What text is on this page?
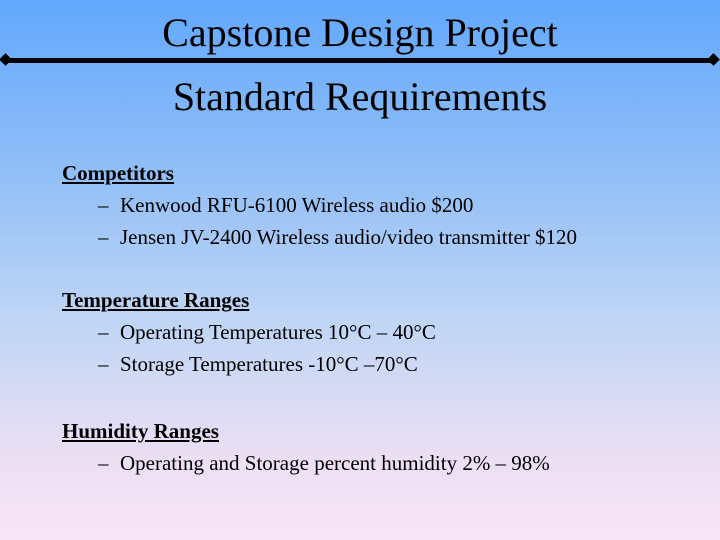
Capstone Design Project
Standard Requirements
Competitors
– Kenwood RFU-6100 Wireless audio $200
– Jensen JV-2400 Wireless audio/video transmitter $120
Temperature Ranges
– Operating Temperatures 10°C – 40°C
– Storage Temperatures -10°C –70°C
Humidity Ranges
– Operating and Storage percent humidity 2% – 98%
